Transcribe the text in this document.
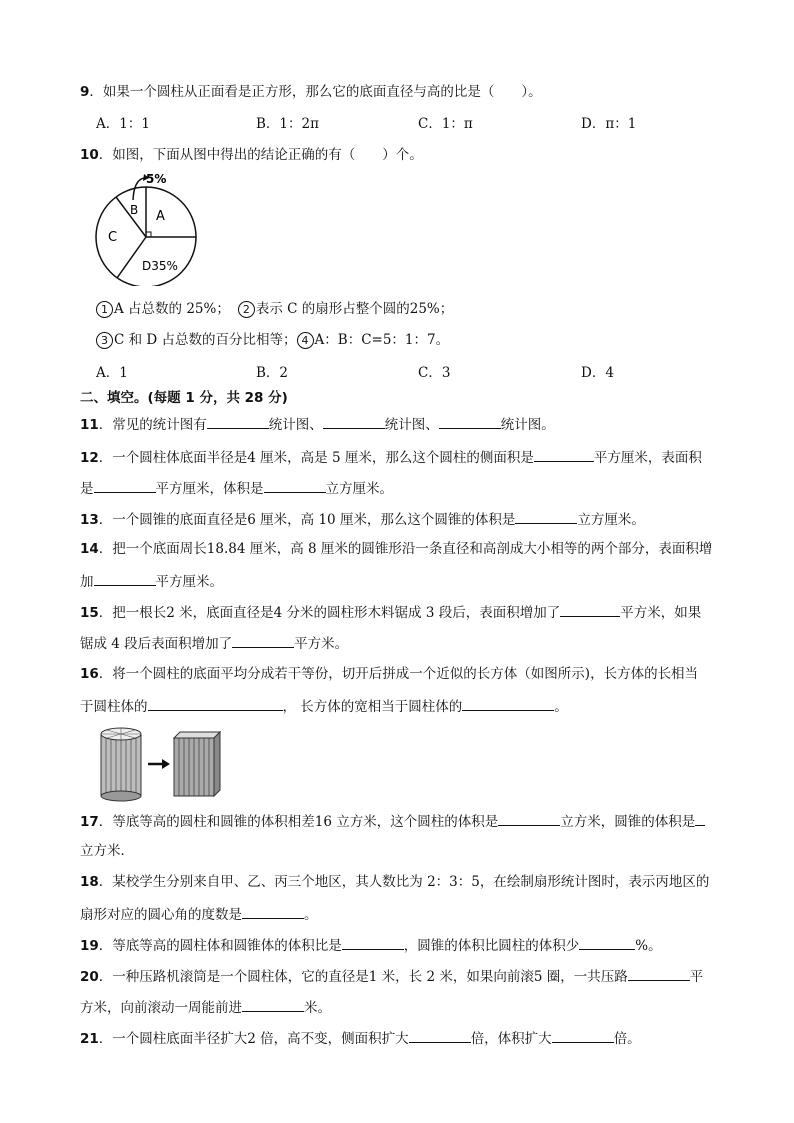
9．如果一个圆柱从正面看是正方形，那么它的底面直径与高的比是（　　）。
A．1：1	B．1：2π	C．1：π	D．π：1
10．如图，下面从图中得出的结论正确的有（　　）个。
5%
A
B
C
D35%
1 A 占总数的 25%； 2 表示 C 的扇形占整个圆的25%；
3 C 和 D 占总数的百分比相等； 4 A：B：C=5：1：7。
A．1	B．2	C．3	D．4
二、填空。(每题 1 分，共 28 分)
11．常见的统计图有	统计图、	统计图、	统计图。
12．一个圆柱体底面半径是4 厘米，高是 5 厘米，那么这个圆柱的侧面积是	平方厘米，表面积
是	平方厘米，体积是	立方厘米。
13．一个圆锥的底面直径是6 厘米，高 10 厘米，那么这个圆锥的体积是	立方厘米。
14．把一个底面周长18.84 厘米，高 8 厘米的圆锥形沿一条直径和高剖成大小相等的两个部分，表面积增
加	平方厘米。
15．把一根长2 米，底面直径是4 分米的圆柱形木料锯成 3 段后，表面积增加了	平方米，如果
锯成 4 段后表面积增加了	平方米。
16．将一个圆柱的底面平均分成若干等份，切开后拼成一个近似的长方体（如图所示)，长方体的长相当
于圆柱体的	， 长方体的宽相当于圆柱体的	。
17．等底等高的圆柱和圆锥的体积相差16 立方米，这个圆柱的体积是	立方米，圆锥的体积是
立方米．
18．某校学生分别来自甲、乙、丙三个地区，其人数比为 2：3：5，在绘制扇形统计图时，表示丙地区的
扇形对应的圆心角的度数是	。
19．等底等高的圆柱体和圆锥体的体积比是	，圆锥的体积比圆柱的体积少	%。
20．一种压路机滚筒是一个圆柱体，它的直径是1 米，长 2 米，如果向前滚5 圈，一共压路	平
方米，向前滚动一周能前进	米。
21．一个圆柱底面半径扩大2 倍，高不变，侧面积扩大	倍，体积扩大	倍。
